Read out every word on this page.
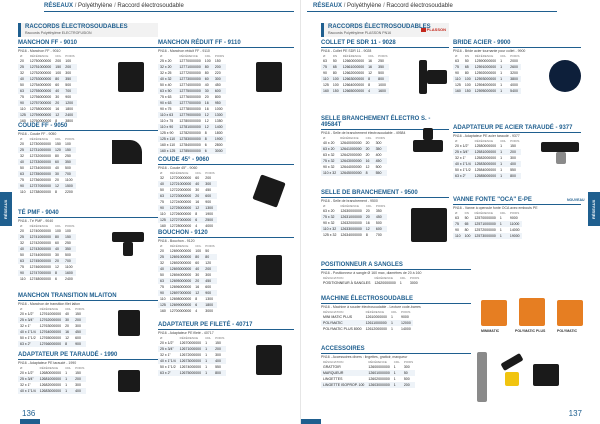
RÉSEAUX / Polyéthylène / Raccord électrosoudable
RÉSEAUX
RACCORDS ÉLECTROSOUDABLES
Raccords Polyéthylène ELECTROFUSION
MANCHON FF - 9010
PN16 - Manchon FF - 9010
Ø	RÉFÉRENCE	CDL	POIDS
20	12750000000	200	100
25	12751000000	150	200
32	12752000000	100	300
40	12753000000	80	350
50	12754000000	60	500
63	12755000000	40	700
75	12756000000	30	900
90	12757000000	20	1200
110	12758000000	16	1800
125	12759000000	12	2400
160	12760000000	8	3800
COUDE FF - 9050
PN16 - Coude FF - 9050
Ø	RÉFÉRENCE	CDL	POIDS
20	12730000000	150	100
25	12731000000	120	150
32	12732000000	80	250
40	12733000000	60	350
50	12734000000	40	500
63	12735000000	30	700
75	12736000000	20	1100
90	12737000000	12	1500
110	12738000000	8	2200
TÉ PMF - 9040
PN16 - Té PMF - 9040
Ø	RÉFÉRENCE	CDL	POIDS
20	12740000000	100	100
25	12741000000	80	150
32	12742000000	60	250
40	12743000000	40	350
50	12744000000	30	500
63	12745000000	20	700
75	12746000000	12	1100
90	12747000000	8	1600
110	12748000000	6	2400
MANCHON TRANSITION MLAITON
PN16 - Manchon de transition filet laiton
Ø	RÉFÉRENCE	CDL	POIDS
20 x 1/2"	12761000000	40	150
25 x 3/4"	12762000000	30	200
32 x 1"	12763000000	20	300
40 x 1"1/4	12764000000	16	450
50 x 1"1/2	12765000000	12	600
63 x 2"	12766000000	8	900
ADAPTATEUR PE TARAUDÉ - 1990
PN16 - Adaptateur PE taraudé - 1990
Ø	RÉFÉRENCE	CDL	POIDS
20 x 1/2"	12680000000	1	150
25 x 3/4"	12681000000	1	200
32 x 1"	12682000000	1	300
40 x 1"1/4	12683000000	1	400
MANCHON RÉDUIT FF - 9110
PN16 - Manchon réduit FF - 9110
Ø	RÉFÉRENCE	CDL	POIDS
25 x 20	12770000000	100	150
32 x 20	12771000000	80	200
32 x 25	12772000000	80	220
40 x 32	12773000000	60	300
50 x 40	12774000000	40	450
63 x 50	12775000000	30	600
75 x 63	12776000000	20	800
90 x 63	12777000000	16	950
90 x 75	12778000000	16	1000
110 x 63	12779000000	12	1300
110 x 75	12780000000	12	1350
110 x 90	12781000000	12	1400
125 x 90	12782000000	8	1800
125 x 110	12783000000	8	1900
160 x 110	12784000000	6	2800
160 x 125	12785000000	6	3000
COUDE 45° - 9060
PN16 - Coude 45° - 9060
Ø	RÉFÉRENCE	CDL	POIDS
32	12720000000	60	200
40	12721000000	40	300
50	12722000000	30	450
63	12723000000	20	600
75	12724000000	16	900
90	12725000000	12	1300
110	12726000000	8	1900
125	12727000000	6	2500
160	12728000000	4	4000
BOUCHON - 9120
PN16 - Bouchon - 9120
Ø	RÉFÉRENCE	CDL	POIDS
20	12690000000	100	50
25	12691000000	80	80
32	12692000000	60	120
40	12693000000	40	200
50	12694000000	30	300
63	12695000000	20	450
75	12696000000	16	600
90	12697000000	12	900
110	12698000000	8	1300
125	12699000000	6	1800
160	12700000000	4	3000
ADAPTATEUR PE FILETÉ - 40717
PN16 - Adaptateur PE fileté - 40717
Ø	RÉFÉRENCE	CDL	POIDS
20 x 1/2"	12670000000	1	150
25 x 3/4"	12671000000	1	200
32 x 1"	12672000000	1	300
40 x 1"1/4	12673000000	1	400
50 x 1"1/2	12674000000	1	550
63 x 2"	12675000000	1	800
136
RÉSEAUX / Polyéthylène / Raccord électrosoudable
RÉSEAUX
RACCORDS ÉLECTROSOUDABLES
Raccords Polyéthylène PLASSON PN16
PLASSON
COLLET PE SDR 11 - 9028
PN16 - Collet PE SDR 11 - 9028
Ø	DN	RÉFÉRENCE	CDL	POIDS
63	50	12660000000	16	250
75	65	12661000000	16	350
90	80	12662000000	12	500
110	100	12663000000	8	800
125	100	12664000000	8	1000
160	150	12665000000	4	1600
SELLE BRANCHEMENT ÉLECTRO S. - 49584T
PN16 - Selle de branchement électrosoudable - 49584
Ø	RÉFÉRENCE	CDL	POIDS
40 x 20	12640000000	20	300
63 x 20	12641000000	20	350
63 x 32	12642000000	20	400
75 x 32	12643000000	16	450
90 x 32	12644000000	12	500
110 x 32	12645000000	8	550
SELLE DE BRANCHEMENT - 9500
PN16 - Selle de branchement - 9500
Ø	RÉFÉRENCE	CDL	POIDS
63 x 20	12630000000	20	350
75 x 32	12631000000	20	450
90 x 32	12632000000	16	500
110 x 32	12633000000	12	600
125 x 32	12634000000	8	700
POSITIONNEUR A SANGLES
PN16 - Positionneur à sangle Ø 160 max, diamètres de 20 à 160
DÉSIGNATION	RÉFÉRENCE	CDL	POIDS
POSITIONNEUR À SANGLES	12620000000	1	3000
MACHINE ÉLECTROSOUDABLE
PN16 - Machine à souder électrosoudable - Lecture code-barres
DÉSIGNATION	RÉFÉRENCE	CDL	POIDS
MINI MATIC PLUS	12610000000	1	9000
POLYMATIC	12611000000	1	12000
POLYMATIC PLUS 8000	12612000000	1	14000
ACCESSOIRES
PN16 - Accessoires divers : lingettes, grattoir, marqueur
DÉSIGNATION	RÉFÉRENCE	CDL	POIDS
GRATTOIR	12600000000	1	300
MARQUEUR	12601000000	1	50
LINGETTES	12602000000	1	500
LINGETTE ISOPROP. 100	12603000000	1	200
BRIDE ACIER - 9900
PN16 - Bride acier tournante pour collet - 9900
Ø	DN	RÉFÉRENCE	CDL	POIDS
63	50	12590000000	1	2000
75	65	12591000000	1	2600
90	80	12592000000	1	3200
110	100	12593000000	1	3800
125	100	12594000000	1	4000
160	150	12595000000	1	5400
ADAPTATEUR PE ACIER TARAUDÉ - 9377
PN16 - Adaptateur PE acier taraudé - 9377
Ø	RÉFÉRENCE	CDL	POIDS
20 x 1/2"	12580000000	1	150
25 x 3/4"	12581000000	1	200
32 x 1"	12582000000	1	300
40 x 1"1/4	12583000000	1	400
50 x 1"1/2	12584000000	1	550
63 x 2"	12585000000	1	800
VANNE FONTE "OCA" E-PE
PN16 - Vanne à opercule fonte OCA avec embouts PE
Ø	DN	RÉFÉRENCE	CDL	POIDS
63	50	12570000000	1	9000
75	65	12571000000	1	11000
90	80	12572000000	1	14000
110	100	12573000000	1	19000
NOUVEAU
MINIMATIC	POLYMATIC PLUS	POLYMATIC
137
